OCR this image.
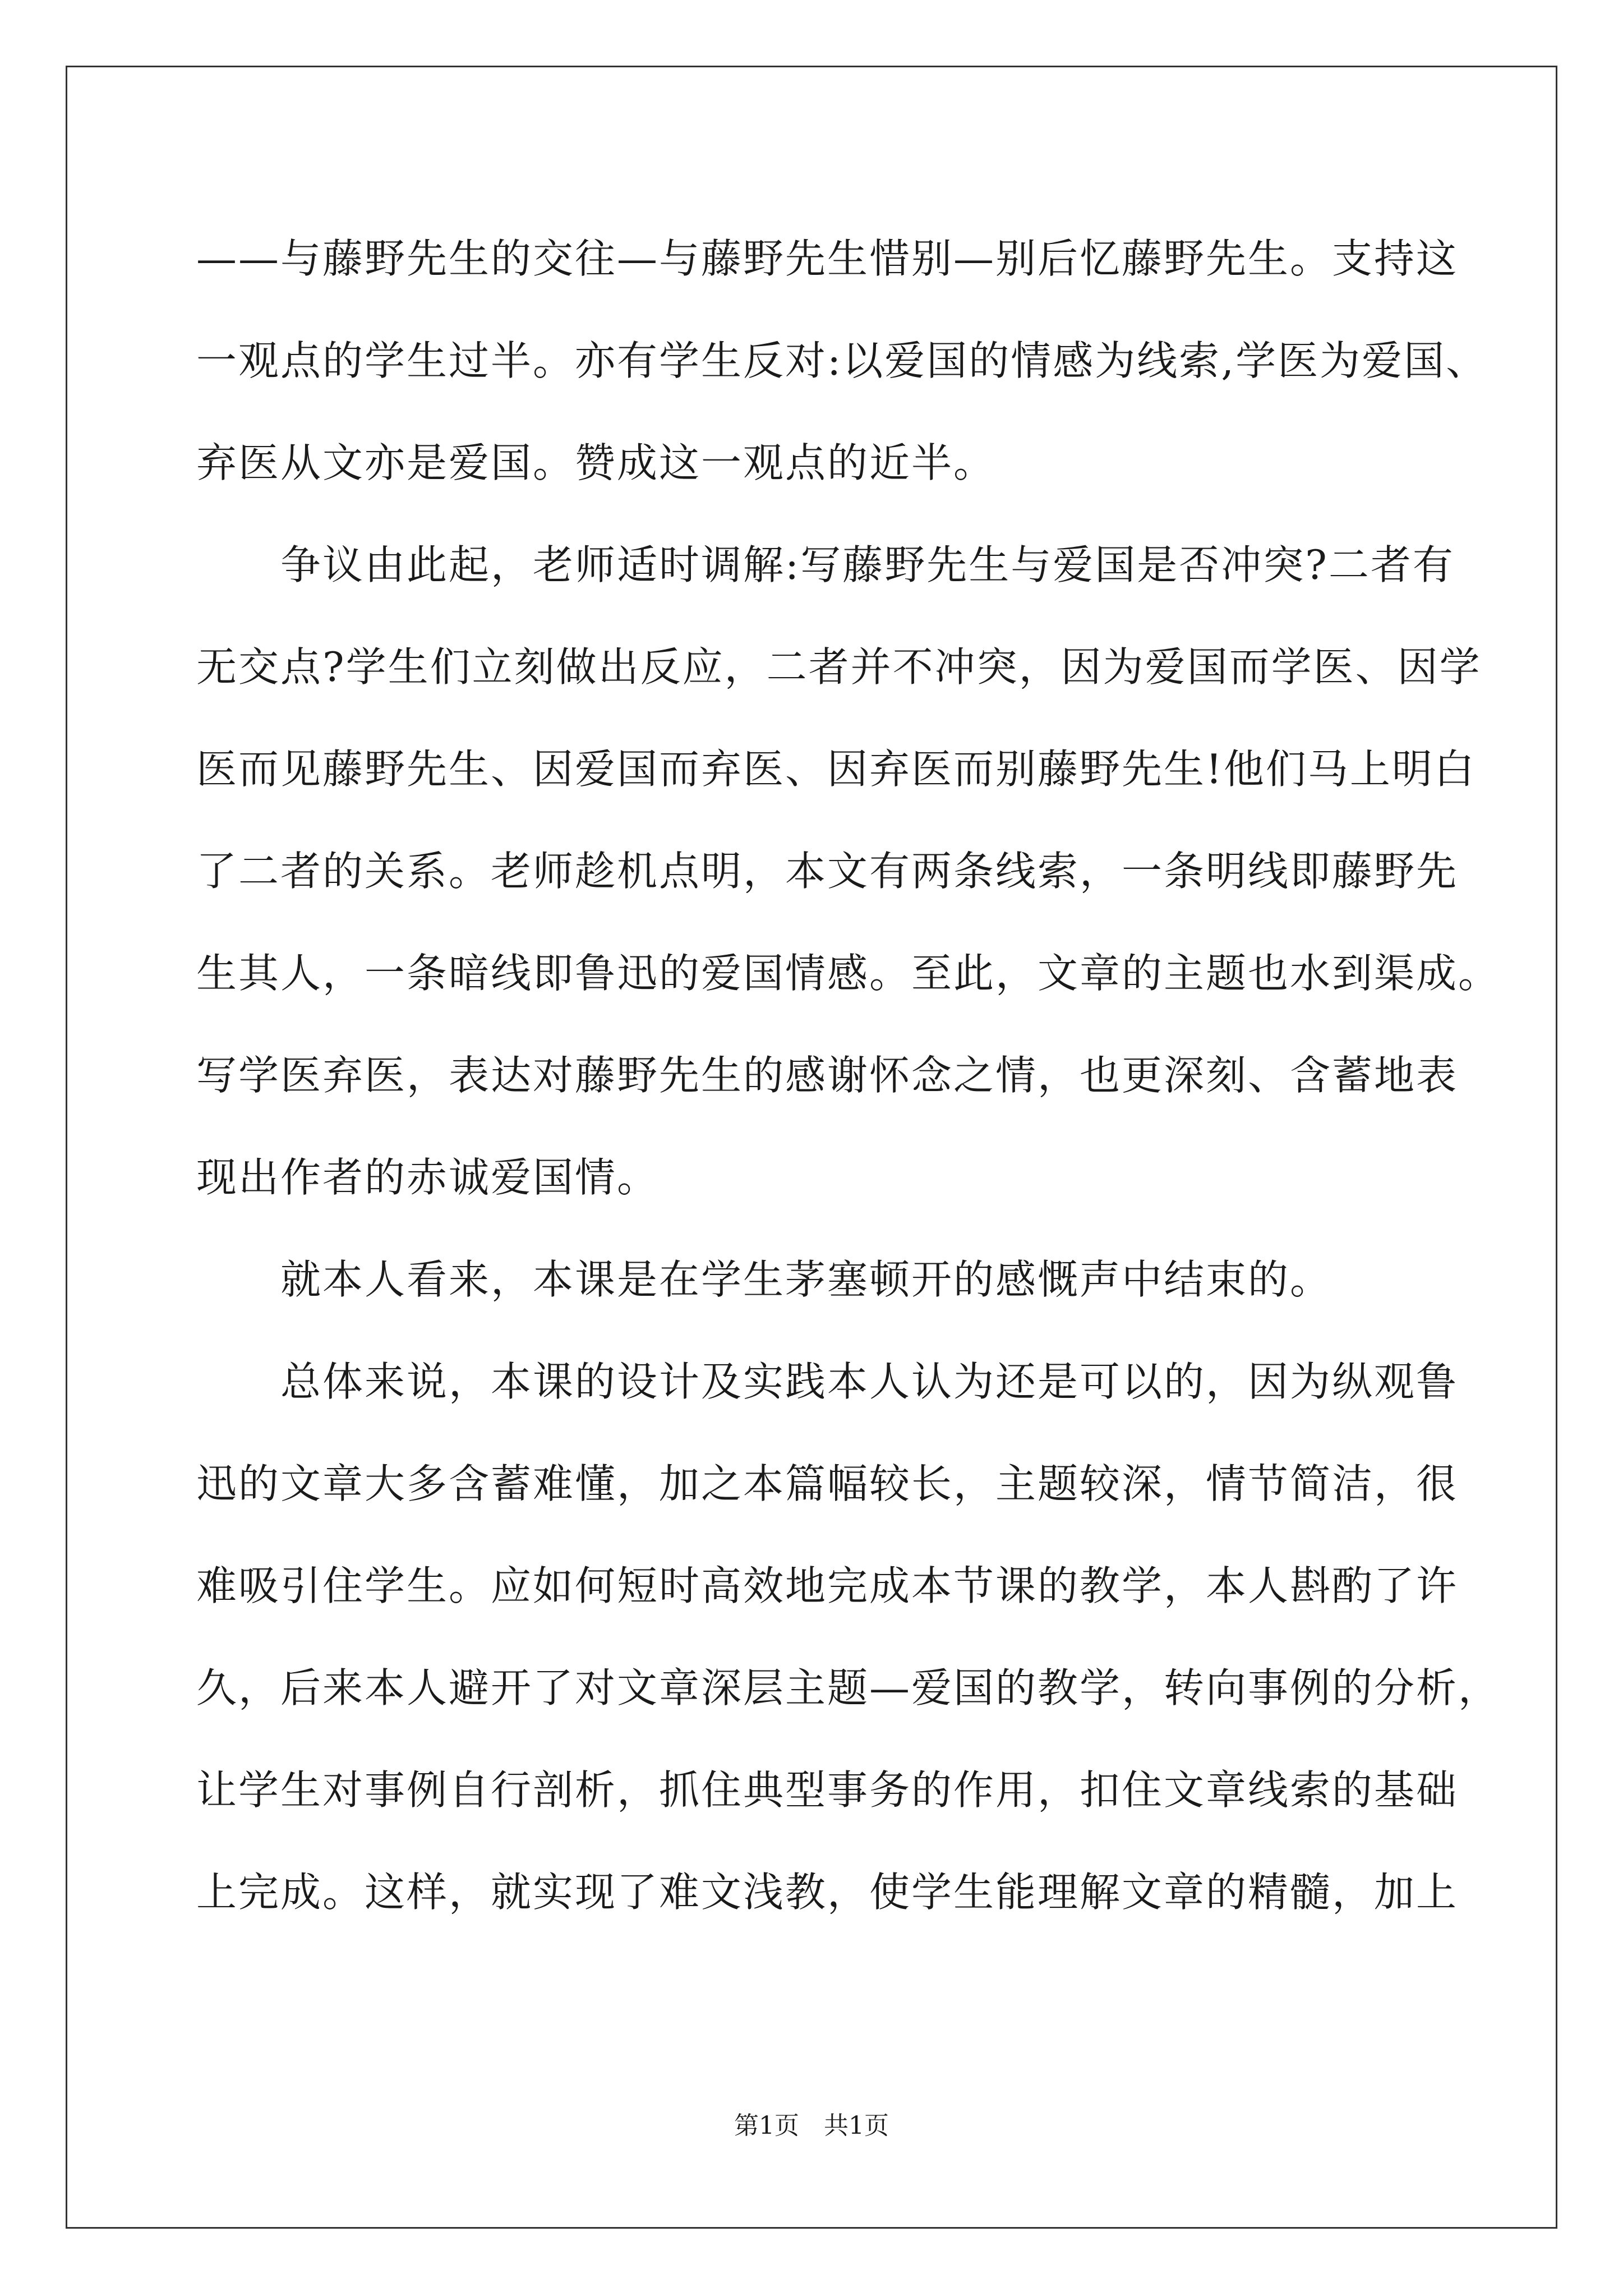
——与藤野先生的交往—与藤野先生惜别—别后忆藤野先生。支持这
一观点的学生过半。亦有学生反对:以爱国的情感为线索,学医为爱国、
弃医从文亦是爱国。赞成这一观点的近半。
　　争议由此起，老师适时调解:写藤野先生与爱国是否冲突?二者有
无交点?学生们立刻做出反应，二者并不冲突，因为爱国而学医、因学
医而见藤野先生、因爱国而弃医、因弃医而别藤野先生!他们马上明白
了二者的关系。老师趁机点明，本文有两条线索，一条明线即藤野先
生其人，一条暗线即鲁迅的爱国情感。至此，文章的主题也水到渠成。
写学医弃医，表达对藤野先生的感谢怀念之情，也更深刻、含蓄地表
现出作者的赤诚爱国情。
　　就本人看来，本课是在学生茅塞顿开的感慨声中结束的。
　　总体来说，本课的设计及实践本人认为还是可以的，因为纵观鲁
迅的文章大多含蓄难懂，加之本篇幅较长，主题较深，情节简洁，很
难吸引住学生。应如何短时高效地完成本节课的教学，本人斟酌了许
久，后来本人避开了对文章深层主题—爱国的教学，转向事例的分析，
让学生对事例自行剖析，抓住典型事务的作用，扣住文章线索的基础
上完成。这样，就实现了难文浅教，使学生能理解文章的精髓，加上
第1页　共1页
